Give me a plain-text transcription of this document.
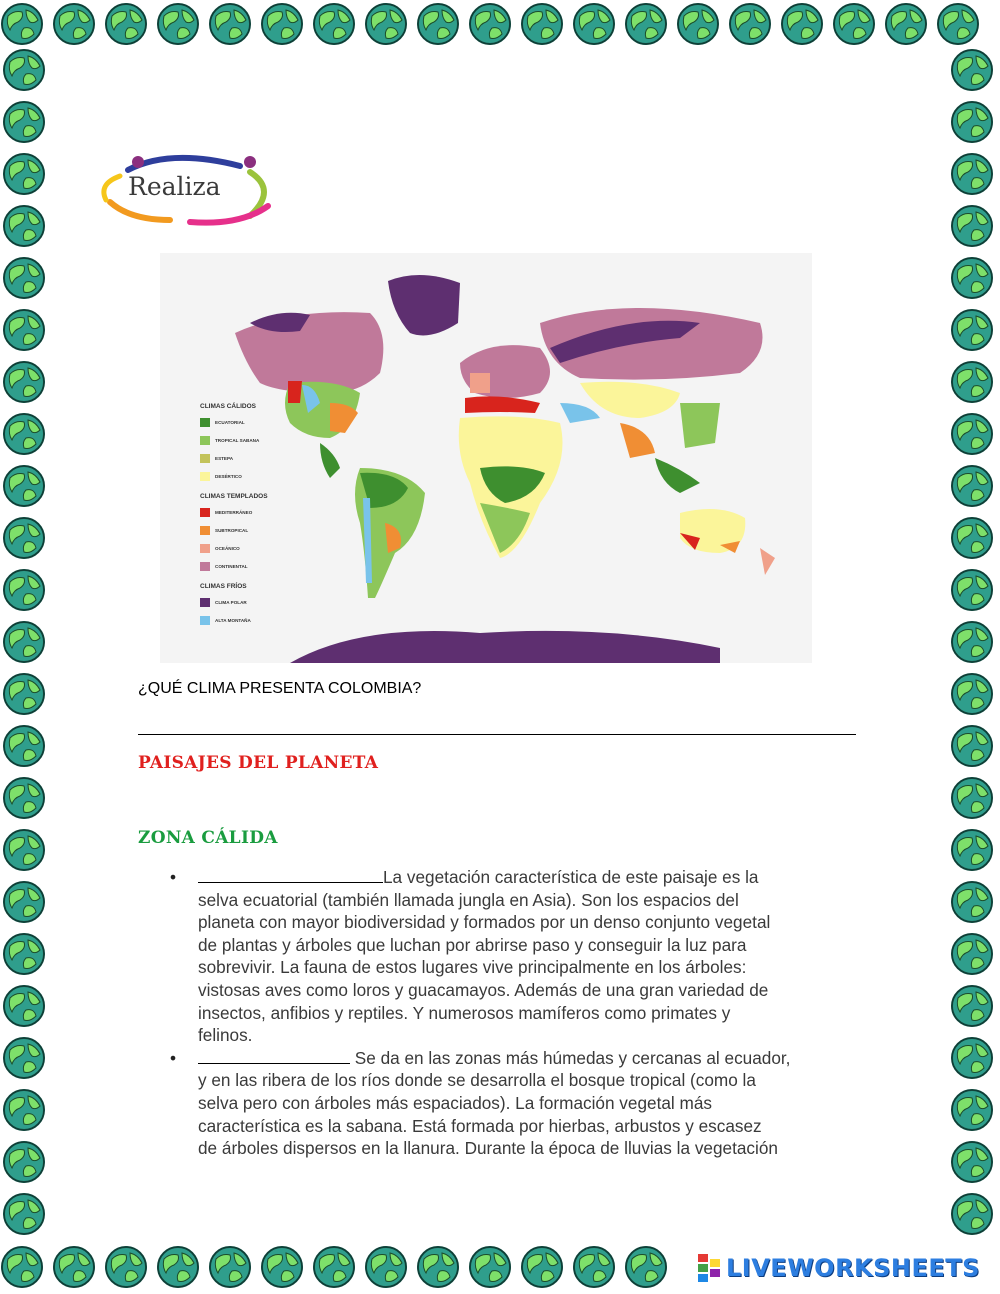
Realiza
CLIMAS CÁLIDOS
ECUATORIAL
TROPICAL SABANA
ESTEPA
DESÉRTICO
CLIMAS TEMPLADOS
MEDITERRÁNEO
SUBTROPICAL
OCEÁNICO
CONTINENTAL
CLIMAS FRÍOS
CLIMA POLAR
ALTA MONTAÑA
¿QUÉ CLIMA PRESENTA COLOMBIA?
PAISAJES DEL PLANETA
ZONA CÁLIDA
• La vegetación característica de este paisaje es la
selva ecuatorial (también llamada jungla en Asia). Son los espacios del
planeta con mayor biodiversidad y formados por un denso conjunto vegetal
de plantas y árboles que luchan por abrirse paso y conseguir la luz para
sobrevivir. La fauna de estos lugares vive principalmente en los árboles:
vistosas aves como loros y guacamayos. Además de una gran variedad de
insectos, anfibios y reptiles. Y numerosos mamíferos como primates y
felinos.
• Se da en las zonas más húmedas y cercanas al ecuador,
y en las ribera de los ríos donde se desarrolla el bosque tropical (como la
selva pero con árboles más espaciados). La formación vegetal más
característica es la sabana. Está formada por hierbas, arbustos y escasez
de árboles dispersos en la llanura. Durante la época de lluvias la vegetación
LIVEWORKSHEETS
